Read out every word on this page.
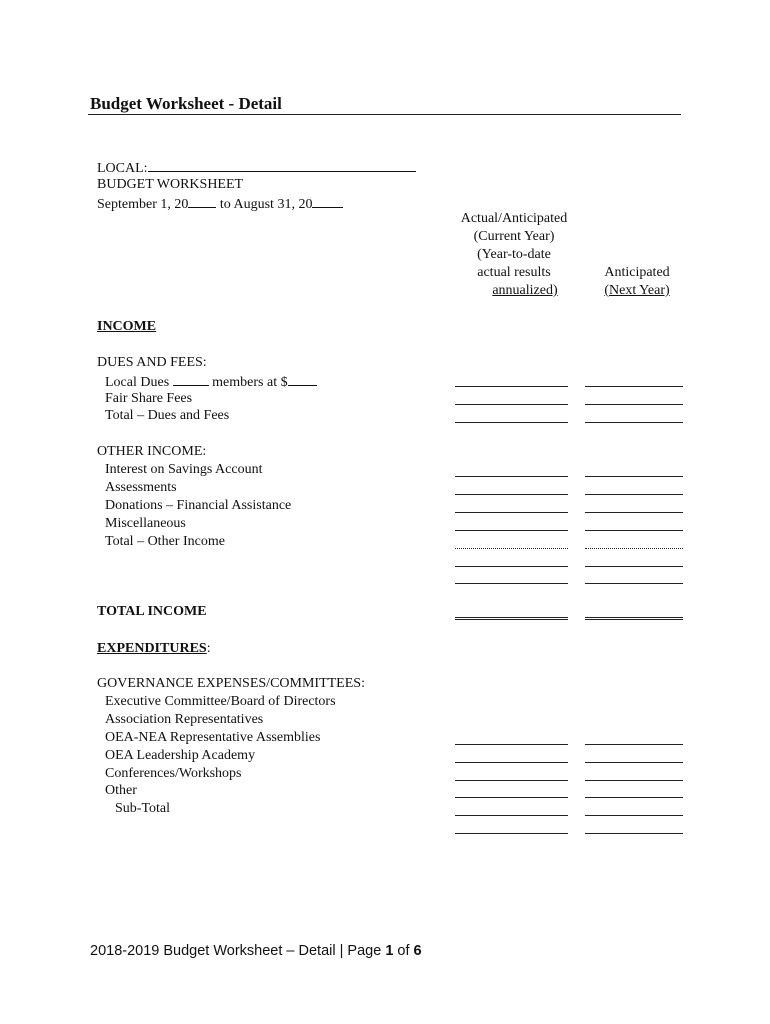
Budget Worksheet - Detail
LOCAL:
BUDGET WORKSHEET
September 1, 20 to August 31, 20
Actual/Anticipated
(Current Year)
(Year-to-date
actual results
annualized)
Anticipated
(Next Year)
INCOME
DUES AND FEES:
Local Dues	members at $
Fair Share Fees
Total – Dues and Fees
OTHER INCOME:
Interest on Savings Account
Assessments
Donations – Financial Assistance
Miscellaneous
Total – Other Income
TOTAL INCOME
EXPENDITURES:
GOVERNANCE EXPENSES/COMMITTEES:
Executive Committee/Board of Directors
Association Representatives
OEA-NEA Representative Assemblies
OEA Leadership Academy
Conferences/Workshops
Other
Sub-Total
2018-2019 Budget Worksheet – Detail | Page 1 of 6
